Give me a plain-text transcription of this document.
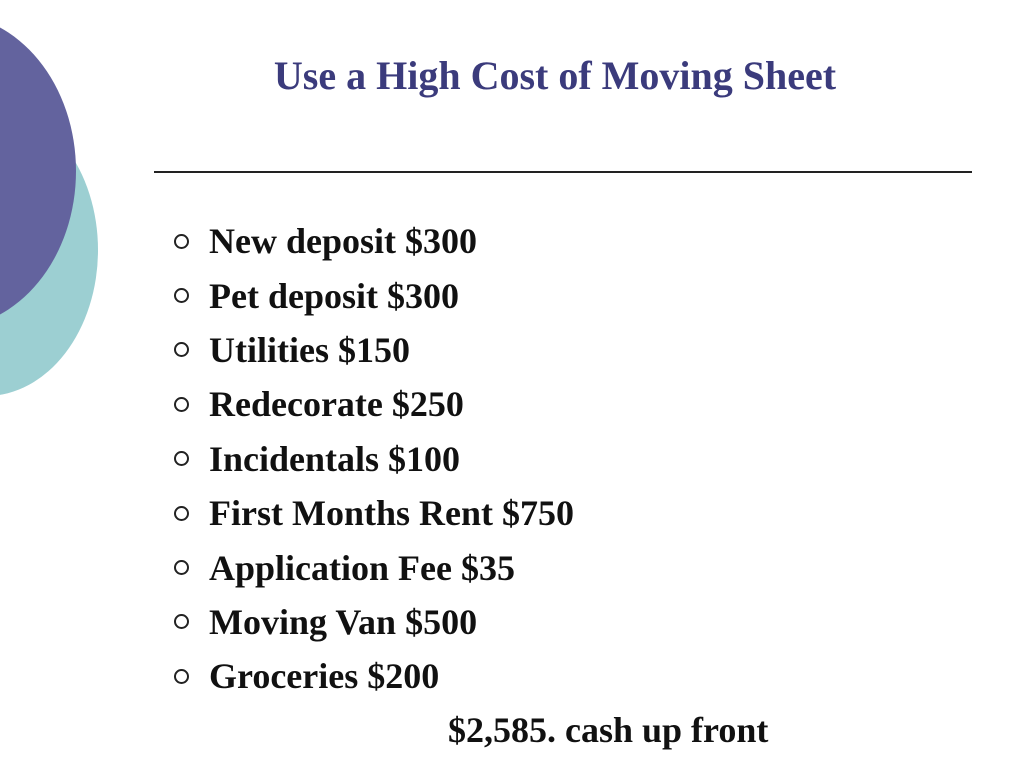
Use a High Cost of Moving Sheet
New deposit $300
Pet deposit $300
Utilities $150
Redecorate $250
Incidentals $100
First Months Rent $750
Application Fee $35
Moving Van $500
Groceries $200
$2,585. cash up front
